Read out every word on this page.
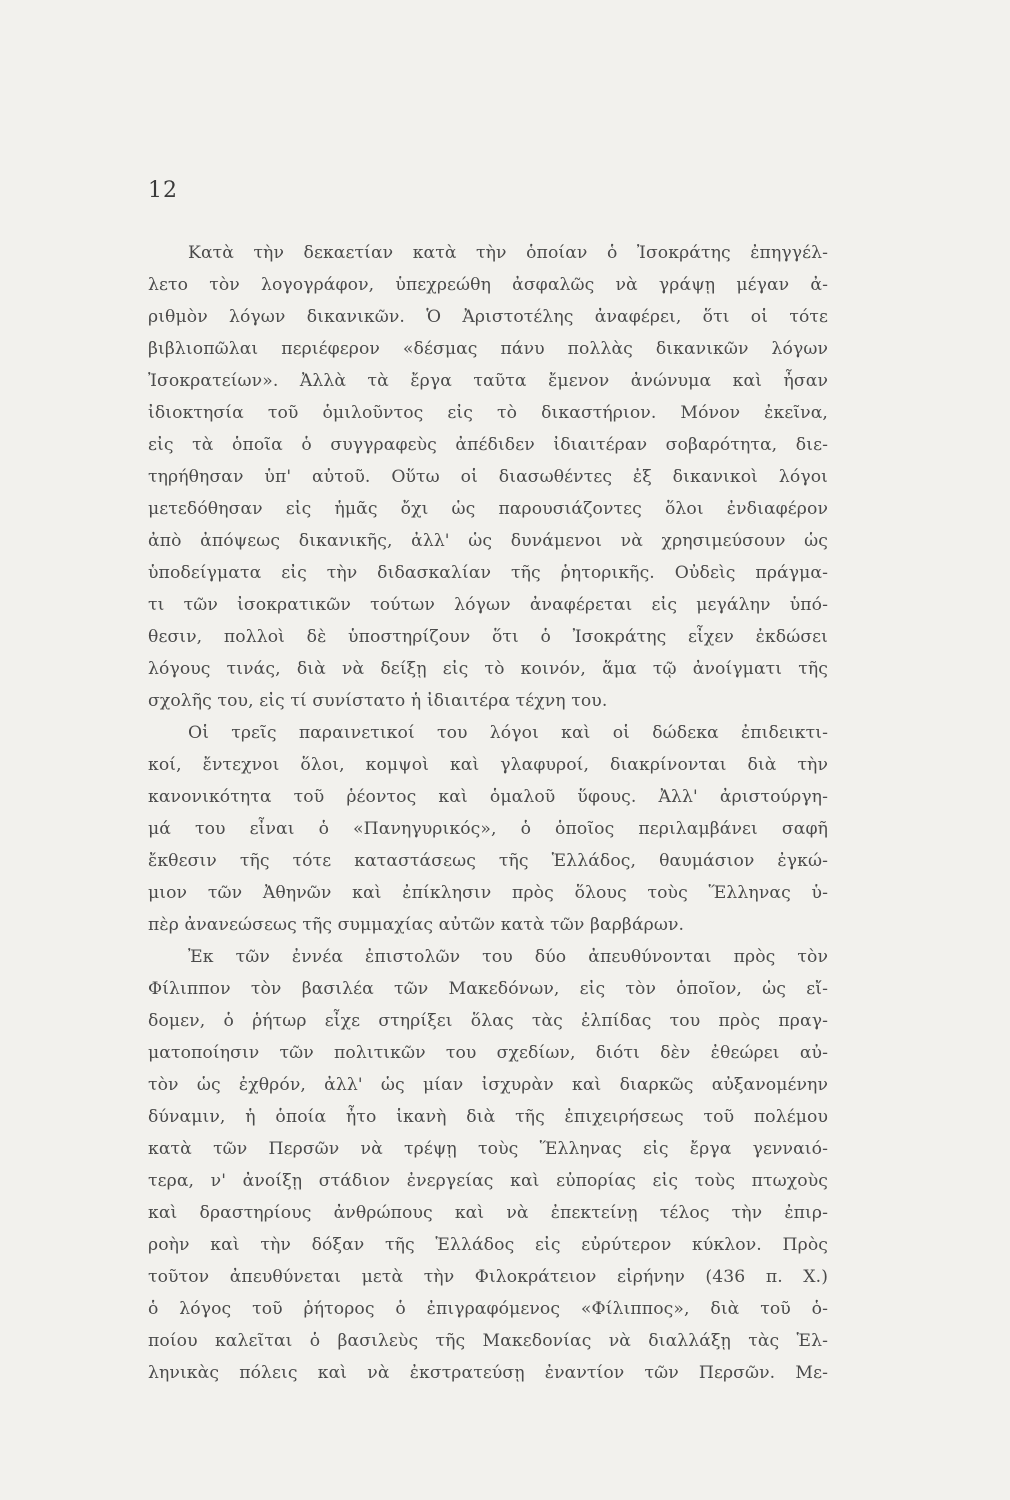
12
Κατὰ τὴν δεκαετίαν κατὰ τὴν ὁποίαν ὁ Ἰσοκράτης ἐπηγγέλ-
λετο τὸν λογογράφον, ὑπεχρεώθη ἀσφαλῶς νὰ γράψῃ μέγαν ἀ-
ριθμὸν λόγων δικανικῶν. Ὁ Ἀριστοτέλης ἀναφέρει, ὅτι οἱ τότε
βιβλιοπῶλαι περιέφερον «δέσμας πάνυ πολλὰς δικανικῶν λόγων
Ἰσοκρατείων». Ἀλλὰ τὰ ἔργα ταῦτα ἔμενον ἀνώνυμα καὶ ἦσαν
ἰδιοκτησία τοῦ ὁμιλοῦντος εἰς τὸ δικαστήριον. Μόνον ἐκεῖνα,
εἰς τὰ ὁποῖα ὁ συγγραφεὺς ἀπέδιδεν ἰδιαιτέραν σοβαρότητα, διε-
τηρήθησαν ὑπ' αὐτοῦ. Οὕτω οἱ διασωθέντες ἐξ δικανικοὶ λόγοι
μετεδόθησαν εἰς ἡμᾶς ὄχι ὡς παρουσιάζοντες ὅλοι ἐνδιαφέρον
ἀπὸ ἀπόψεως δικανικῆς, ἀλλ' ὡς δυνάμενοι νὰ χρησιμεύσουν ὡς
ὑποδείγματα εἰς τὴν διδασκαλίαν τῆς ῥητορικῆς. Οὐδεὶς πράγμα-
τι τῶν ἰσοκρατικῶν τούτων λόγων ἀναφέρεται εἰς μεγάλην ὑπό-
θεσιν, πολλοὶ δὲ ὑποστηρίζουν ὅτι ὁ Ἰσοκράτης εἶχεν ἐκδώσει
λόγους τινάς, διὰ νὰ δείξῃ εἰς τὸ κοινόν, ἅμα τῷ ἀνοίγματι τῆς
σχολῆς του, εἰς τί συνίστατο ἡ ἰδιαιτέρα τέχνη του.
Οἱ τρεῖς παραινετικοί του λόγοι καὶ οἱ δώδεκα ἐπιδεικτι-
κοί, ἔντεχνοι ὅλοι, κομψοὶ καὶ γλαφυροί, διακρίνονται διὰ τὴν
κανονικότητα τοῦ ῥέοντος καὶ ὁμαλοῦ ὕφους. Ἀλλ' ἀριστούργη-
μά του εἶναι ὁ «Πανηγυρικός», ὁ ὁποῖος περιλαμβάνει σαφῆ
ἔκθεσιν τῆς τότε καταστάσεως τῆς Ἑλλάδος, θαυμάσιον ἐγκώ-
μιον τῶν Ἀθηνῶν καὶ ἐπίκλησιν πρὸς ὅλους τοὺς Ἕλληνας ὑ-
πὲρ ἀνανεώσεως τῆς συμμαχίας αὐτῶν κατὰ τῶν βαρβάρων.
Ἐκ τῶν ἐννέα ἐπιστολῶν του δύο ἀπευθύνονται πρὸς τὸν
Φίλιππον τὸν βασιλέα τῶν Μακεδόνων, εἰς τὸν ὁποῖον, ὡς εἴ-
δομεν, ὁ ῥήτωρ εἶχε στηρίξει ὅλας τὰς ἐλπίδας του πρὸς πραγ-
ματοποίησιν τῶν πολιτικῶν του σχεδίων, διότι δὲν ἐθεώρει αὐ-
τὸν ὡς ἐχθρόν, ἀλλ' ὡς μίαν ἰσχυρὰν καὶ διαρκῶς αὐξανομένην
δύναμιν, ἡ ὁποία ἦτο ἱκανὴ διὰ τῆς ἐπιχειρήσεως τοῦ πολέμου
κατὰ τῶν Περσῶν νὰ τρέψῃ τοὺς Ἕλληνας εἰς ἔργα γενναιό-
τερα, ν' ἀνοίξῃ στάδιον ἐνεργείας καὶ εὐπορίας εἰς τοὺς πτωχοὺς
καὶ δραστηρίους ἀνθρώπους καὶ νὰ ἐπεκτείνῃ τέλος τὴν ἐπιρ-
ροὴν καὶ τὴν δόξαν τῆς Ἑλλάδος εἰς εὐρύτερον κύκλον. Πρὸς
τοῦτον ἀπευθύνεται μετὰ τὴν Φιλοκράτειον εἰρήνην (436 π. Χ.)
ὁ λόγος τοῦ ῥήτορος ὁ ἐπιγραφόμενος «Φίλιππος», διὰ τοῦ ὁ-
ποίου καλεῖται ὁ βασιλεὺς τῆς Μακεδονίας νὰ διαλλάξῃ τὰς Ἑλ-
ληνικὰς πόλεις καὶ νὰ ἐκστρατεύσῃ ἐναντίον τῶν Περσῶν. Με-
